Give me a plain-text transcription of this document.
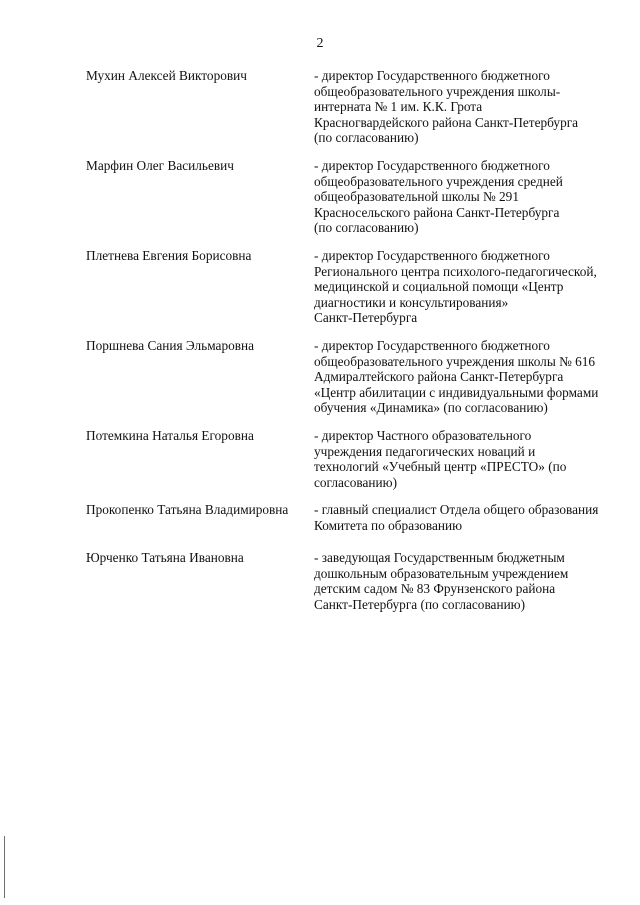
2
Мухин Алексей Викторович	- директор Государственного бюджетного
общеобразовательного учреждения школы-
интерната № 1 им. К.К. Грота
Красногвардейского района Санкт-Петербурга
(по согласованию)
Марфин Олег Васильевич	- директор Государственного бюджетного
общеобразовательного учреждения средней
общеобразовательной школы № 291
Красносельского района Санкт-Петербурга
(по согласованию)
Плетнева Евгения Борисовна	- директор Государственного бюджетного
Регионального центра психолого-педагогической,
медицинской и социальной помощи «Центр
диагностики и консультирования»
Санкт-Петербурга
Поршнева Сания Эльмаровна	- директор Государственного бюджетного
общеобразовательного учреждения школы № 616
Адмиралтейского района Санкт-Петербурга
«Центр абилитации с индивидуальными формами
обучения «Динамика» (по согласованию)
Потемкина Наталья Егоровна	- директор Частного образовательного
учреждения педагогических новаций и
технологий «Учебный центр «ПРЕСТО» (по
согласованию)
Прокопенко Татьяна Владимировна	- главный специалист Отдела общего образования
Комитета по образованию
Юрченко Татьяна Ивановна	- заведующая Государственным бюджетным
дошкольным образовательным учреждением
детским садом № 83 Фрунзенского района
Санкт-Петербурга (по согласованию)
